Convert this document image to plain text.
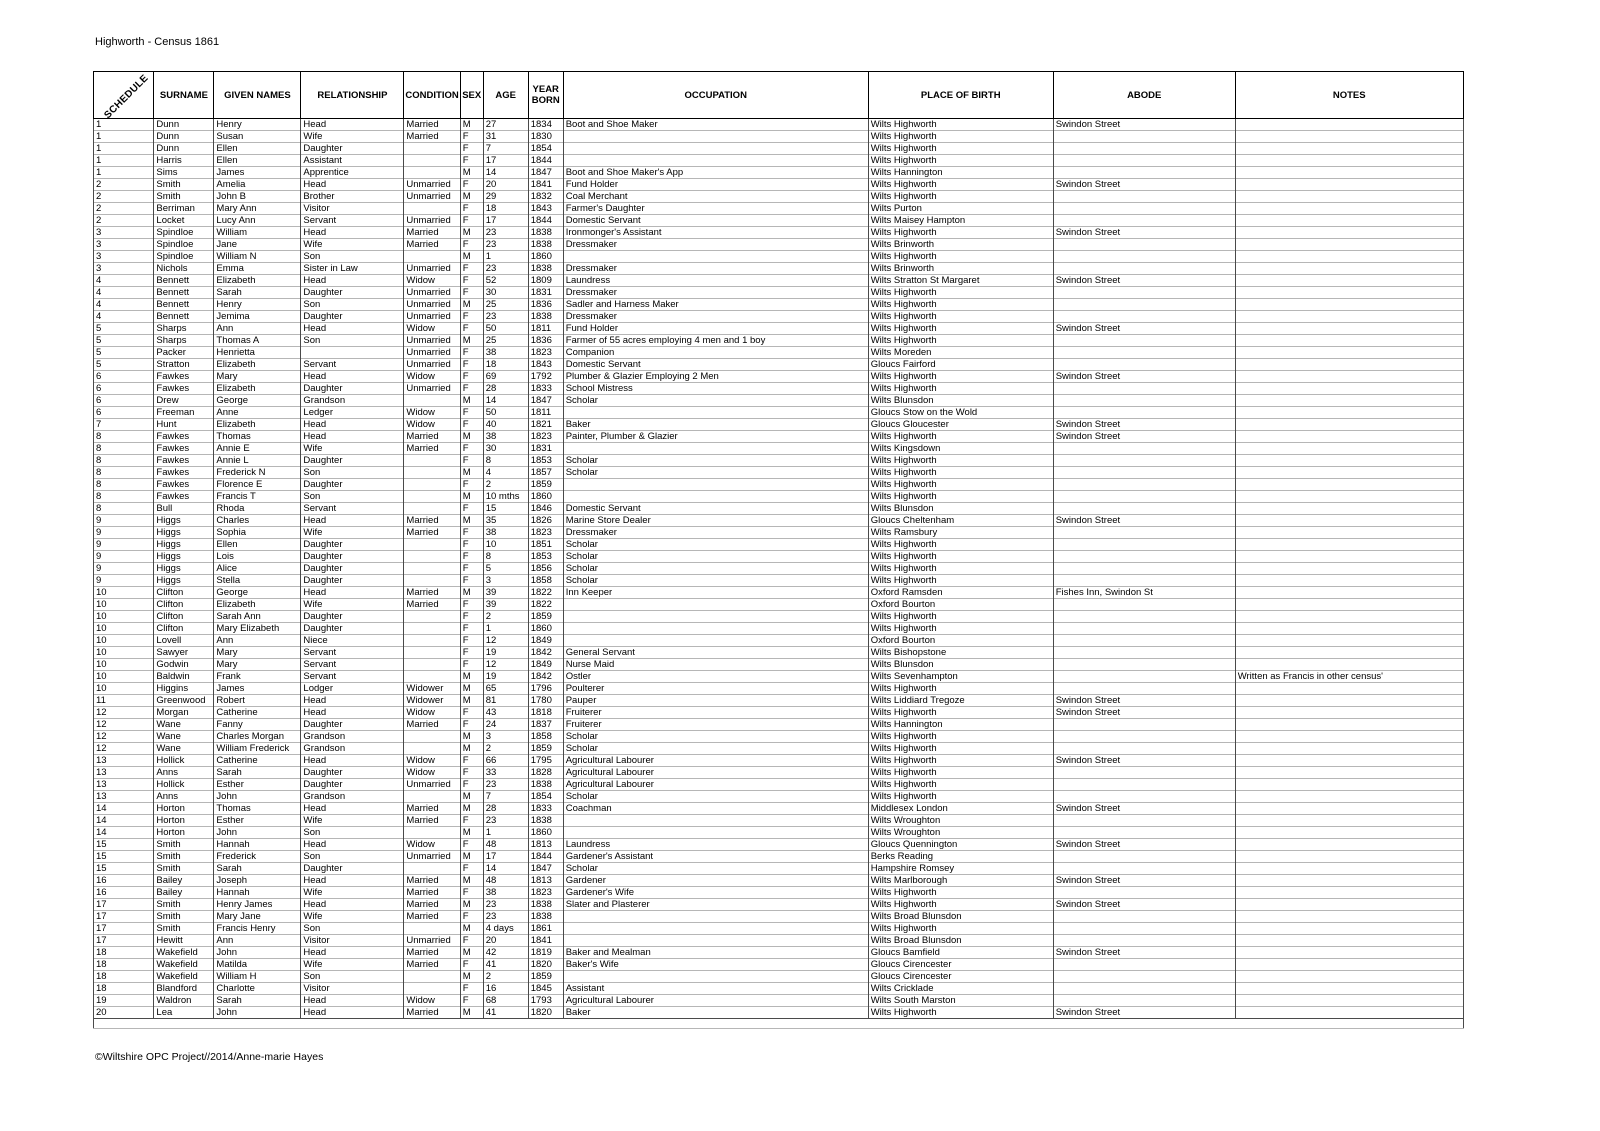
Highworth - Census 1861
SCHEDULE	SURNAME	GIVEN NAMES	RELATIONSHIP	CONDITION	SEX	AGE	YEAR BORN	OCCUPATION	PLACE OF BIRTH	ABODE	NOTES
1	Dunn	Henry	Head	Married	M	27	1834	Boot and Shoe Maker	Wilts Highworth	Swindon Street	
1	Dunn	Susan	Wife	Married	F	31	1830		Wilts Highworth		
1	Dunn	Ellen	Daughter		F	7	1854		Wilts Highworth		
1	Harris	Ellen	Assistant		F	17	1844		Wilts Highworth		
1	Sims	James	Apprentice		M	14	1847	Boot and Shoe Maker's App	Wilts Hannington		
2	Smith	Amelia	Head	Unmarried	F	20	1841	Fund Holder	Wilts Highworth	Swindon Street	
2	Smith	John B	Brother	Unmarried	M	29	1832	Coal Merchant	Wilts Highworth		
2	Berriman	Mary Ann	Visitor		F	18	1843	Farmer's Daughter	Wilts Purton		
2	Locket	Lucy Ann	Servant	Unmarried	F	17	1844	Domestic Servant	Wilts Maisey Hampton		
3	Spindloe	William	Head	Married	M	23	1838	Ironmonger's Assistant	Wilts Highworth	Swindon Street	
3	Spindloe	Jane	Wife	Married	F	23	1838	Dressmaker	Wilts Brinworth		
3	Spindloe	William N	Son		M	1	1860		Wilts Highworth		
3	Nichols	Emma	Sister in Law	Unmarried	F	23	1838	Dressmaker	Wilts Brinworth		
4	Bennett	Elizabeth	Head	Widow	F	52	1809	Laundress	Wilts Stratton St Margaret	Swindon Street	
4	Bennett	Sarah	Daughter	Unmarried	F	30	1831	Dressmaker	Wilts Highworth		
4	Bennett	Henry	Son	Unmarried	M	25	1836	Sadler and Harness Maker	Wilts Highworth		
4	Bennett	Jemima	Daughter	Unmarried	F	23	1838	Dressmaker	Wilts Highworth		
5	Sharps	Ann	Head	Widow	F	50	1811	Fund Holder	Wilts Highworth	Swindon Street	
5	Sharps	Thomas A	Son	Unmarried	M	25	1836	Farmer of 55 acres employing 4 men and 1 boy	Wilts Highworth		
5	Packer	Henrietta		Unmarried	F	38	1823	Companion	Wilts Moreden		
5	Stratton	Elizabeth	Servant	Unmarried	F	18	1843	Domestic Servant	Gloucs Fairford		
6	Fawkes	Mary	Head	Widow	F	69	1792	Plumber & Glazier Employing 2 Men	Wilts Highworth	Swindon Street	
6	Fawkes	Elizabeth	Daughter	Unmarried	F	28	1833	School Mistress	Wilts Highworth		
6	Drew	George	Grandson		M	14	1847	Scholar	Wilts Blunsdon		
6	Freeman	Anne	Ledger	Widow	F	50	1811		Gloucs Stow on the Wold		
7	Hunt	Elizabeth	Head	Widow	F	40	1821	Baker	Gloucs Gloucester	Swindon Street	
8	Fawkes	Thomas	Head	Married	M	38	1823	Painter, Plumber & Glazier	Wilts Highworth	Swindon Street	
8	Fawkes	Annie E	Wife	Married	F	30	1831		Wilts Kingsdown		
8	Fawkes	Annie L	Daughter		F	8	1853	Scholar	Wilts Highworth		
8	Fawkes	Frederick N	Son		M	4	1857	Scholar	Wilts Highworth		
8	Fawkes	Florence E	Daughter		F	2	1859		Wilts Highworth		
8	Fawkes	Francis T	Son		M	10 mths	1860		Wilts Highworth		
8	Bull	Rhoda	Servant		F	15	1846	Domestic Servant	Wilts Blunsdon		
9	Higgs	Charles	Head	Married	M	35	1826	Marine Store Dealer	Gloucs Cheltenham	Swindon Street	
9	Higgs	Sophia	Wife	Married	F	38	1823	Dressmaker	Wilts Ramsbury		
9	Higgs	Ellen	Daughter		F	10	1851	Scholar	Wilts Highworth		
9	Higgs	Lois	Daughter		F	8	1853	Scholar	Wilts Highworth		
9	Higgs	Alice	Daughter		F	5	1856	Scholar	Wilts Highworth		
9	Higgs	Stella	Daughter		F	3	1858	Scholar	Wilts Highworth		
10	Clifton	George	Head	Married	M	39	1822	Inn Keeper	Oxford Ramsden	Fishes Inn, Swindon St	
10	Clifton	Elizabeth	Wife	Married	F	39	1822		Oxford Bourton		
10	Clifton	Sarah Ann	Daughter		F	2	1859		Wilts Highworth		
10	Clifton	Mary Elizabeth	Daughter		F	1	1860		Wilts Highworth		
10	Lovell	Ann	Niece		F	12	1849		Oxford Bourton		
10	Sawyer	Mary	Servant		F	19	1842	General Servant	Wilts Bishopstone		
10	Godwin	Mary	Servant		F	12	1849	Nurse Maid	Wilts Blunsdon		
10	Baldwin	Frank	Servant		M	19	1842	Ostler	Wilts Sevenhampton		Written as Francis in other census'
10	Higgins	James	Lodger	Widower	M	65	1796	Poulterer	Wilts Highworth		
11	Greenwood	Robert	Head	Widower	M	81	1780	Pauper	Wilts Liddiard Tregoze	Swindon Street	
12	Morgan	Catherine	Head	Widow	F	43	1818	Fruiterer	Wilts Highworth	Swindon Street	
12	Wane	Fanny	Daughter	Married	F	24	1837	Fruiterer	Wilts Hannington		
12	Wane	Charles Morgan	Grandson		M	3	1858	Scholar	Wilts Highworth		
12	Wane	William Frederick	Grandson		M	2	1859	Scholar	Wilts Highworth		
13	Hollick	Catherine	Head	Widow	F	66	1795	Agricultural Labourer	Wilts Highworth	Swindon Street	
13	Anns	Sarah	Daughter	Widow	F	33	1828	Agricultural Labourer	Wilts Highworth		
13	Hollick	Esther	Daughter	Unmarried	F	23	1838	Agricultural Labourer	Wilts Highworth		
13	Anns	John	Grandson		M	7	1854	Scholar	Wilts Highworth		
14	Horton	Thomas	Head	Married	M	28	1833	Coachman	Middlesex London	Swindon Street	
14	Horton	Esther	Wife	Married	F	23	1838		Wilts Wroughton		
14	Horton	John	Son		M	1	1860		Wilts Wroughton		
15	Smith	Hannah	Head	Widow	F	48	1813	Laundress	Gloucs Quennington	Swindon Street	
15	Smith	Frederick	Son	Unmarried	M	17	1844	Gardener's Assistant	Berks Reading		
15	Smith	Sarah	Daughter		F	14	1847	Scholar	Hampshire Romsey		
16	Bailey	Joseph	Head	Married	M	48	1813	Gardener	Wilts Marlborough	Swindon Street	
16	Bailey	Hannah	Wife	Married	F	38	1823	Gardener's Wife	Wilts Highworth		
17	Smith	Henry James	Head	Married	M	23	1838	Slater and Plasterer	Wilts Highworth	Swindon Street	
17	Smith	Mary Jane	Wife	Married	F	23	1838		Wilts Broad Blunsdon		
17	Smith	Francis Henry	Son		M	4 days	1861		Wilts Highworth		
17	Hewitt	Ann	Visitor	Unmarried	F	20	1841		Wilts Broad Blunsdon		
18	Wakefield	John	Head	Married	M	42	1819	Baker and Mealman	Gloucs Bamfield	Swindon Street	
18	Wakefield	Matilda	Wife	Married	F	41	1820	Baker's Wife	Gloucs Cirencester		
18	Wakefield	William H	Son		M	2	1859		Gloucs Cirencester		
18	Blandford	Charlotte	Visitor		F	16	1845	Assistant	Wilts Cricklade		
19	Waldron	Sarah	Head	Widow	F	68	1793	Agricultural Labourer	Wilts South Marston		
20	Lea	John	Head	Married	M	41	1820	Baker	Wilts Highworth	Swindon Street	

©Wiltshire OPC Project//2014/Anne-marie Hayes
